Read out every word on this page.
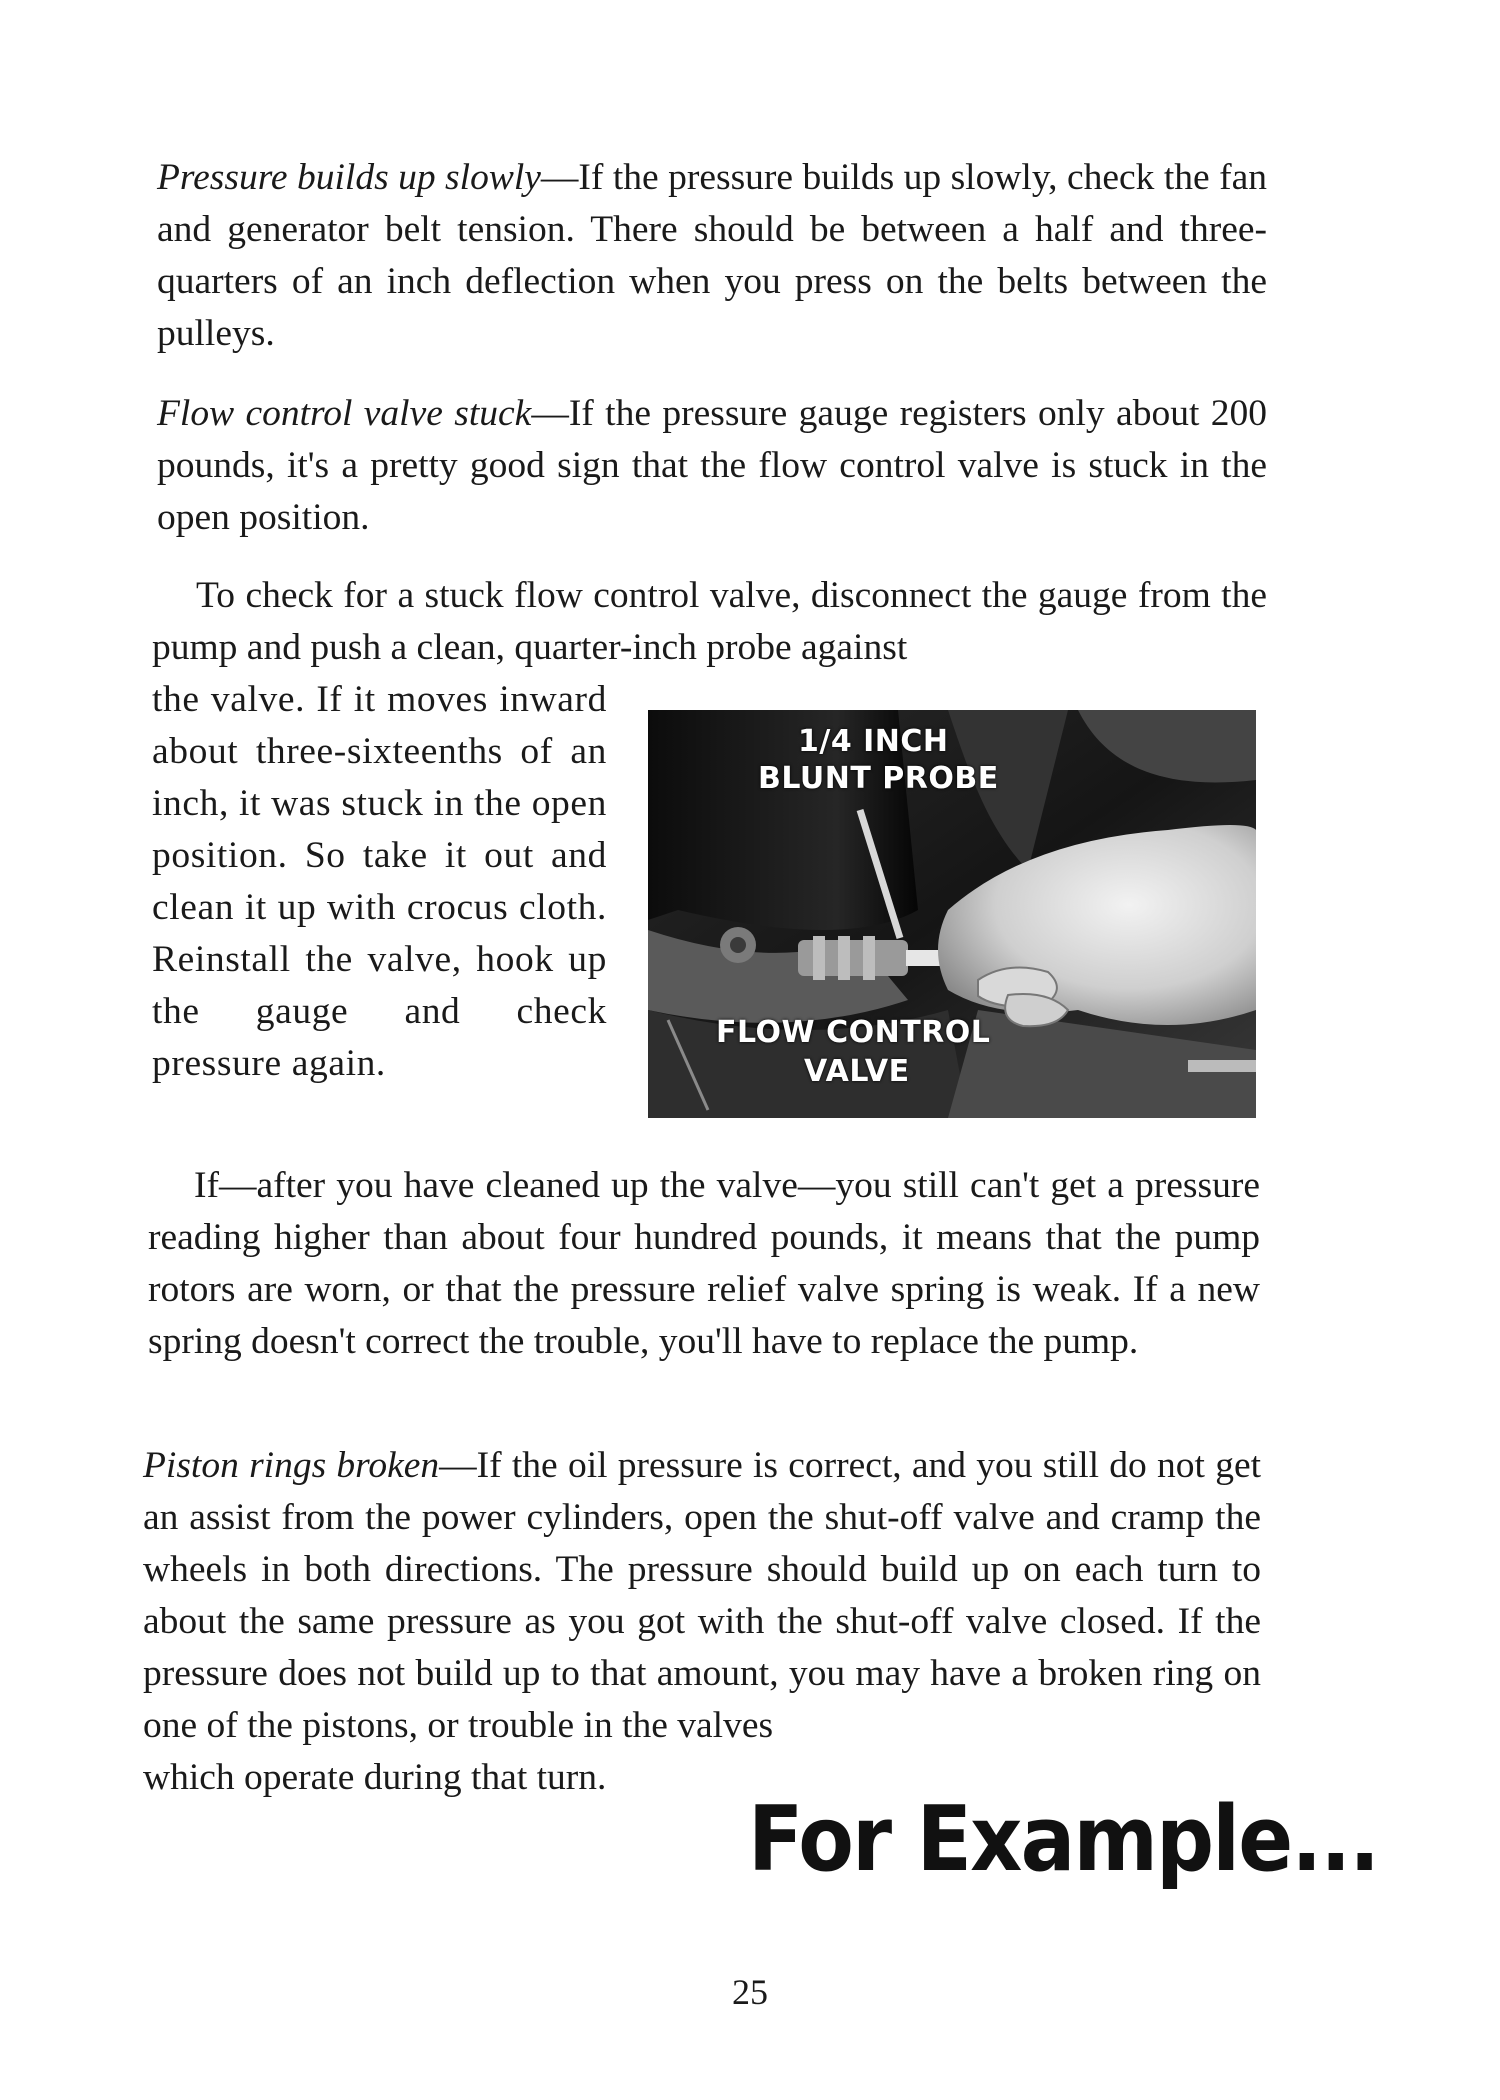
Pressure builds up slowly—If the pressure builds up slowly, check the fan and generator belt tension. There should be between a half and three-quarters of an inch deflection when you press on the belts between the pulleys.

Flow control valve stuck—If the pressure gauge registers only about 200 pounds, it's a pretty good sign that the flow control valve is stuck in the open position.

To check for a stuck flow control valve, disconnect the gauge from the pump and push a clean, quarter-inch probe against
the valve. If it moves inward about three-sixteenths of an inch, it was stuck in the open position. So take it out and clean it up with crocus cloth. Reinstall the valve, hook up the gauge and check pressure again.
1/4 INCH
BLUNT PROBE
FLOW CONTROL
VALVE

If—after you have cleaned up the valve—you still can't get a pressure reading higher than about four hundred pounds, it means that the pump rotors are worn, or that the pressure relief valve spring is weak. If a new spring doesn't correct the trouble, you'll have to replace the pump.

Piston rings broken—If the oil pressure is correct, and you still do not get an assist from the power cylinders, open the shut-off valve and cramp the wheels in both directions. The pressure should build up on each turn to about the same pressure as you got with the shut-off valve closed. If the pressure does not build up to that amount, you may have a broken ring on one of the pistons, or trouble in the valves
which operate during that turn.
For Example...
25
